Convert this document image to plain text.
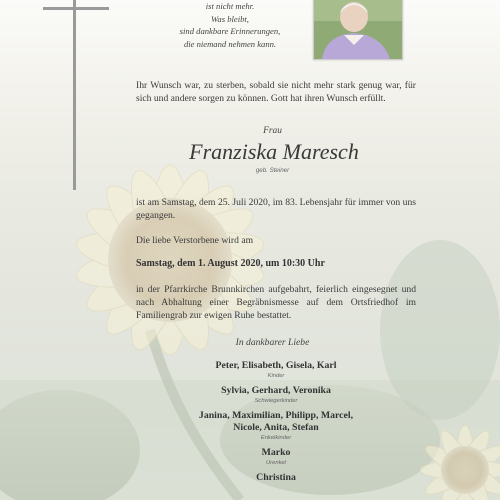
ist nicht mehr.
Was bleibt,
sind dankbare Erinnerungen,
die niemand nehmen kann.
Ihr Wunsch war, zu sterben, sobald sie nicht mehr stark genug war, für sich und andere sorgen zu können. Gott hat ihren Wunsch erfüllt.
Frau
Franziska Maresch
geb. Steiner
ist am Samstag, dem 25. Juli 2020, im 83. Lebensjahr für immer von uns gegangen.
Die liebe Verstorbene wird am
Samstag, dem 1. August 2020, um 10:30 Uhr
in der Pfarrkirche Brunnkirchen aufgebahrt, feierlich eingesegnet und nach Abhaltung einer Begräbnismesse auf dem Ortsfriedhof im Familiengrab zur ewigen Ruhe bestattet.
In dankbarer Liebe
Peter, Elisabeth, Gisela, Karl
Kinder
Sylvia, Gerhard, Veronika
Schwiegerkinder
Janina, Maximilian, Philipp, Marcel,
Nicole, Anita, Stefan
Enkelkinder
Marko
Urenkel
Christina
